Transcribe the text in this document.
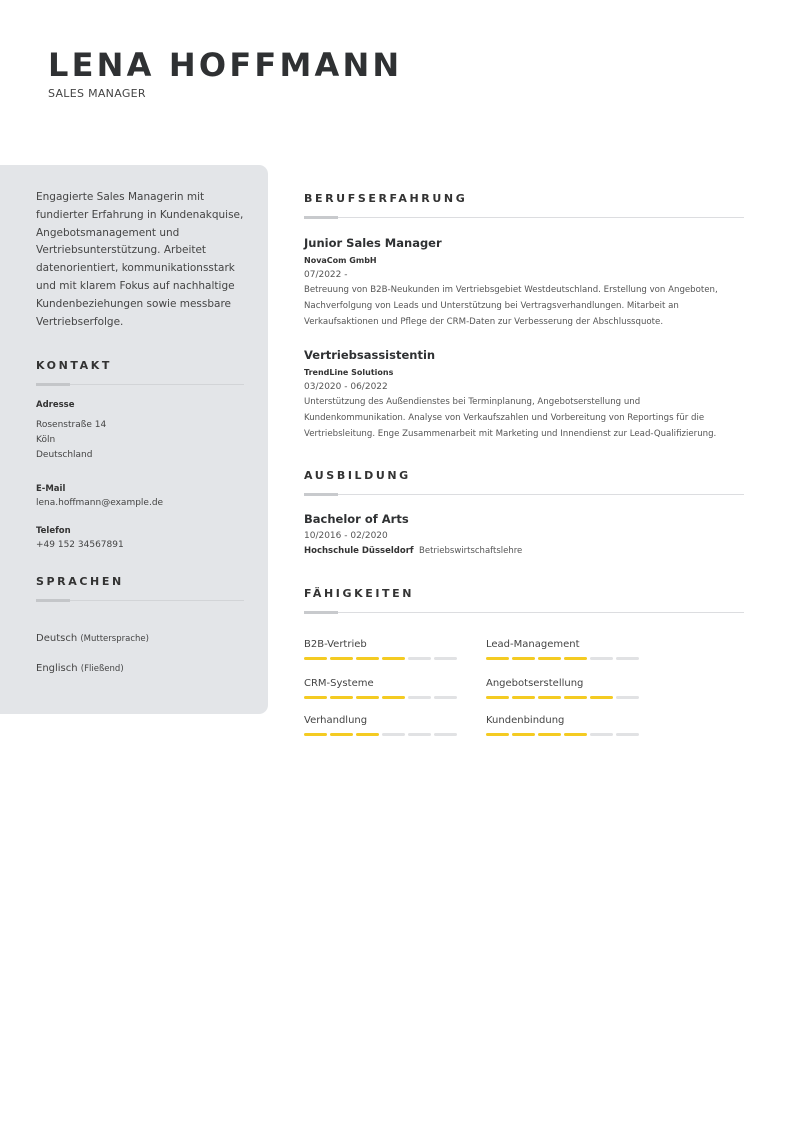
LENA HOFFMANN
SALES MANAGER

Engagierte Sales Managerin mit fundierter Erfahrung in Kundenakquise, Angebotsmanagement und Vertriebsunterstützung. Arbeitet datenorientiert, kommunikationsstark und mit klarem Fokus auf nachhaltige Kundenbeziehungen sowie messbare Vertriebserfolge.

KONTAKT
Adresse
Rosenstraße 14
Köln
Deutschland
E-Mail
lena.hoffmann@example.de
Telefon
+49 152 34567891
SPRACHEN
Deutsch (Muttersprache)
Englisch (Fließend)
BERUFSERFAHRUNG
Junior Sales Manager
NovaCom GmbH
07/2022 -

Betreuung von B2B-Neukunden im Vertriebsgebiet Westdeutschland. Erstellung von Angeboten, Nachverfolgung von Leads und Unterstützung bei Vertragsverhandlungen. Mitarbeit an Verkaufsaktionen und Pflege der CRM-Daten zur Verbesserung der Abschlussquote.

Vertriebsassistentin
TrendLine Solutions
03/2020 - 06/2022

Unterstützung des Außendienstes bei Terminplanung, Angebotserstellung und Kundenkommunikation. Analyse von Verkaufszahlen und Vorbereitung von Reportings für die Vertriebsleitung. Enge Zusammenarbeit mit Marketing und Innendienst zur Lead-Qualifizierung.

AUSBILDUNG
Bachelor of Arts
10/2016 - 02/2020
Hochschule Düsseldorf Betriebswirtschaftslehre
FÄHIGKEITEN
B2B-Vertrieb	Lead-Management
CRM-Systeme	Angebotserstellung
Verhandlung	Kundenbindung
